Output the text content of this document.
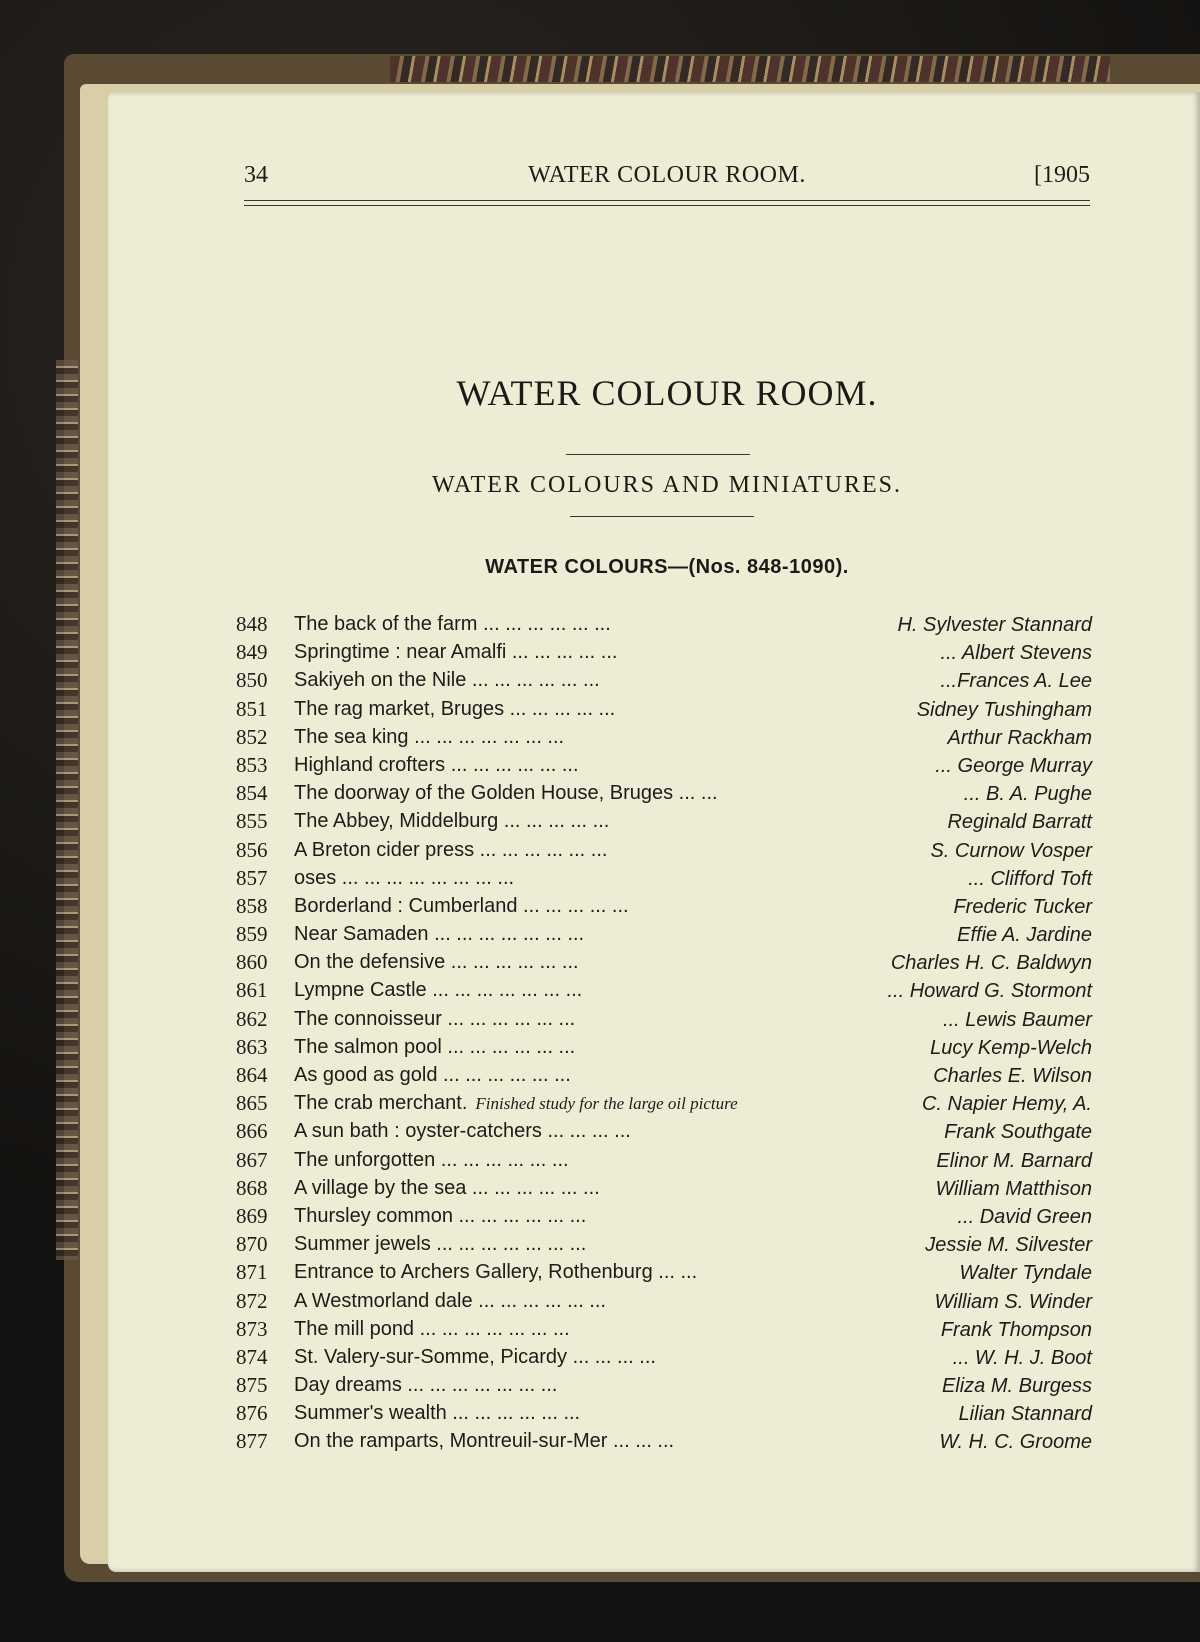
34	WATER COLOUR ROOM.	[1905
WATER COLOUR ROOM.
WATER COLOURS AND MINIATURES.
WATER COLOURS—(Nos. 848-1090).
848	The back of the farm ... ... ... ... ... ...	H. Sylvester Stannard
849	Springtime : near Amalfi ... ... ... ... ...	... Albert Stevens
850	Sakiyeh on the Nile ... ... ... ... ... ...	...Frances A. Lee
851	The rag market, Bruges ... ... ... ... ...	Sidney Tushingham
852	The sea king ... ... ... ... ... ... ...	Arthur Rackham
853	Highland crofters ... ... ... ... ... ...	... George Murray
854	The doorway of the Golden House, Bruges ... ...	... B. A. Pughe
855	The Abbey, Middelburg ... ... ... ... ...	Reginald Barratt
856	A Breton cider press ... ... ... ... ... ...	S. Curnow Vosper
857	oses ... ... ... ... ... ... ... ...	... Clifford Toft
858	Borderland : Cumberland ... ... ... ... ...	Frederic Tucker
859	Near Samaden ... ... ... ... ... ... ...	Effie A. Jardine
860	On the defensive ... ... ... ... ... ...	Charles H. C. Baldwyn
861	Lympne Castle ... ... ... ... ... ... ...	... Howard G. Stormont
862	The connoisseur ... ... ... ... ... ...	... Lewis Baumer
863	The salmon pool ... ... ... ... ... ...	Lucy Kemp-Welch
864	As good as gold ... ... ... ... ... ...	Charles E. Wilson
865	The crab merchant. Finished study for the large oil picture	C. Napier Hemy, A.
866	A sun bath : oyster-catchers ... ... ... ...	Frank Southgate
867	The unforgotten ... ... ... ... ... ...	Elinor M. Barnard
868	A village by the sea ... ... ... ... ... ...	William Matthison
869	Thursley common ... ... ... ... ... ...	... David Green
870	Summer jewels ... ... ... ... ... ... ...	Jessie M. Silvester
871	Entrance to Archers Gallery, Rothenburg ... ...	Walter Tyndale
872	A Westmorland dale ... ... ... ... ... ...	William S. Winder
873	The mill pond ... ... ... ... ... ... ...	Frank Thompson
874	St. Valery-sur-Somme, Picardy ... ... ... ...	... W. H. J. Boot
875	Day dreams ... ... ... ... ... ... ...	Eliza M. Burgess
876	Summer's wealth ... ... ... ... ... ...	Lilian Stannard
877	On the ramparts, Montreuil-sur-Mer ... ... ...	W. H. C. Groome
